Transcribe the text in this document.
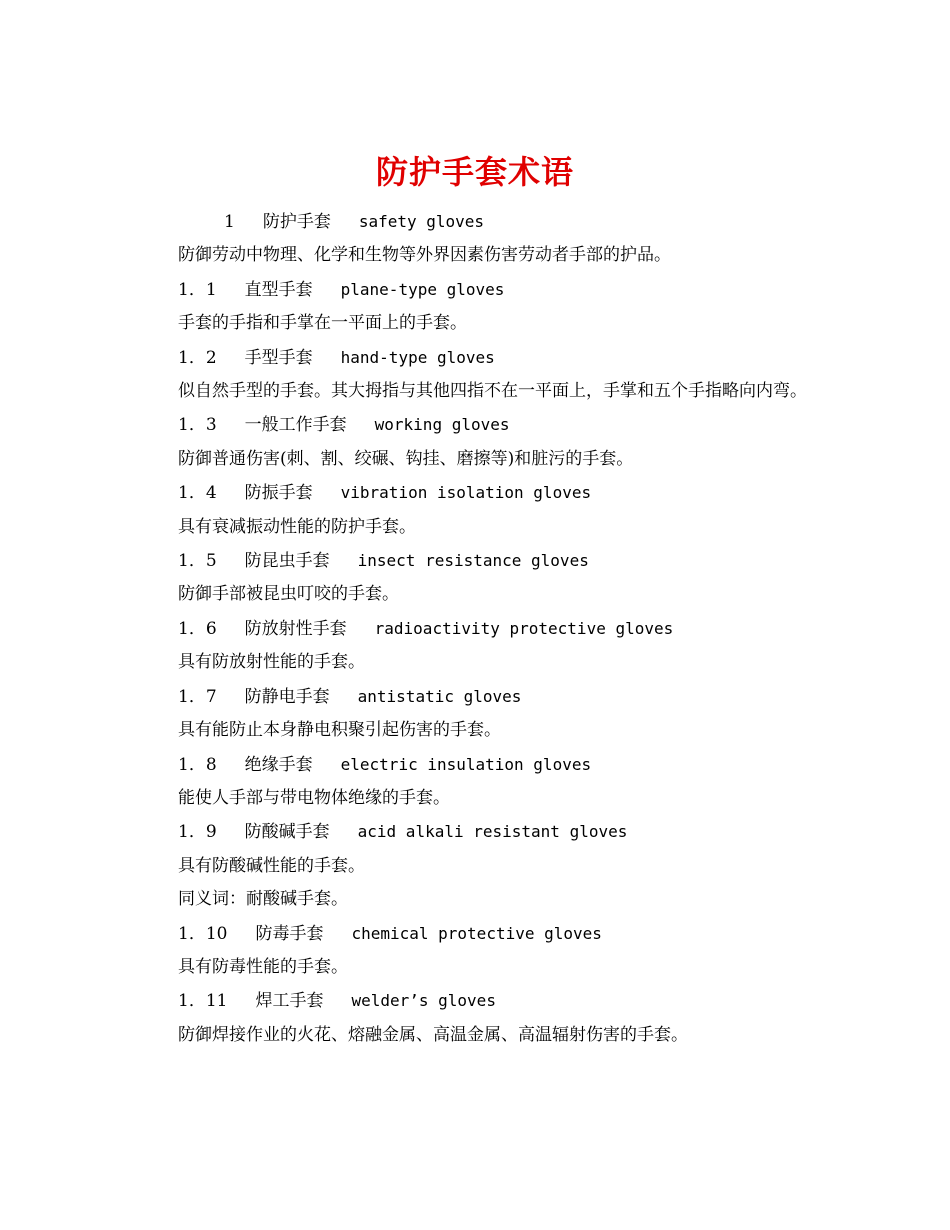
防护手套术语

1 防护手套 safety gloves

防御劳动中物理、化学和生物等外界因素伤害劳动者手部的护品。

1．1 直型手套 plane-type gloves

手套的手指和手掌在一平面上的手套。

1．2 手型手套 hand-type gloves

似自然手型的手套。其大拇指与其他四指不在一平面上，手掌和五个手指略向内弯。

1．3 一般工作手套 working gloves

防御普通伤害(刺、割、绞碾、钩挂、磨擦等)和脏污的手套。

1．4 防振手套 vibration isolation gloves

具有衰减振动性能的防护手套。

1．5 防昆虫手套 insect resistance gloves

防御手部被昆虫叮咬的手套。

1．6 防放射性手套 radioactivity protective gloves

具有防放射性能的手套。

1．7 防静电手套 antistatic gloves

具有能防止本身静电积聚引起伤害的手套。

1．8 绝缘手套 electric insulation gloves

能使人手部与带电物体绝缘的手套。

1．9 防酸碱手套 acid alkali resistant gloves

具有防酸碱性能的手套。

同义词：耐酸碱手套。

1．10 防毒手套 chemical protective gloves

具有防毒性能的手套。

1．11 焊工手套 welder’s gloves

防御焊接作业的火花、熔融金属、高温金属、高温辐射伤害的手套。
